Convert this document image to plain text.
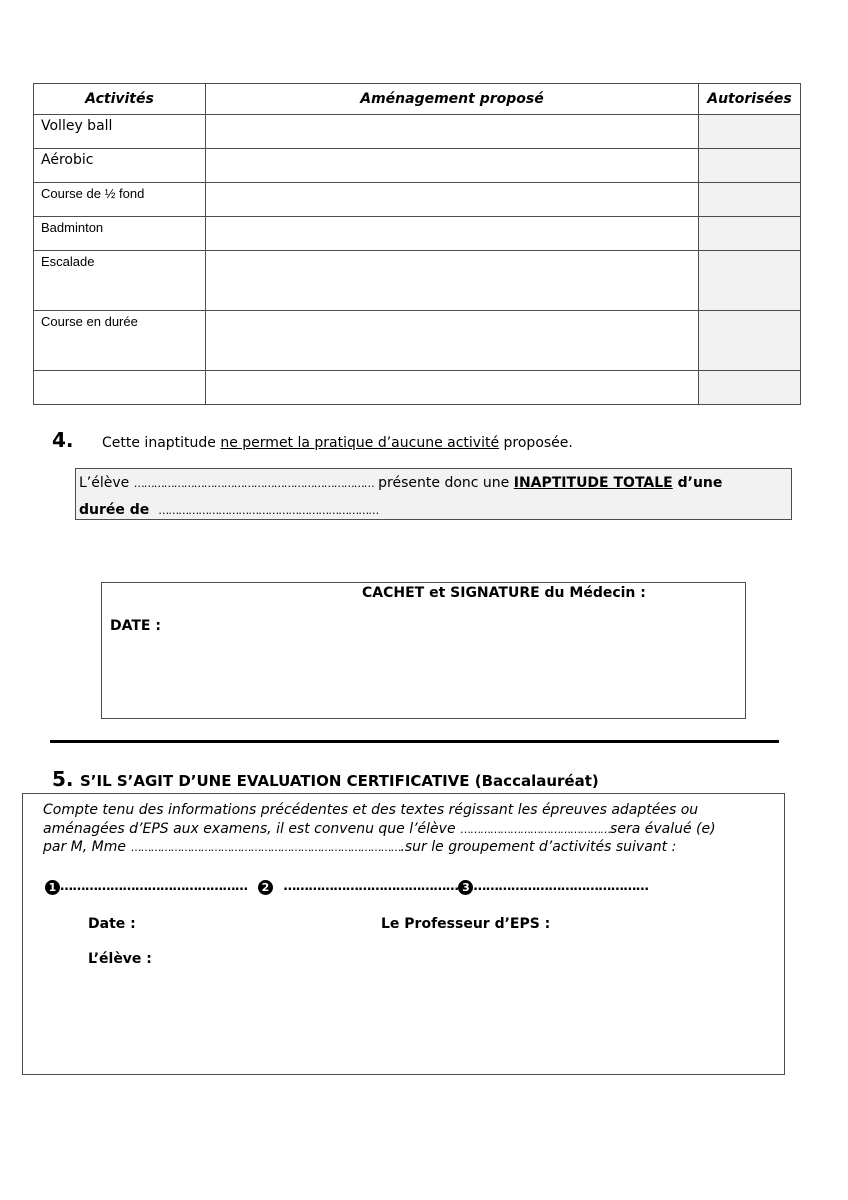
Activités	Aménagement proposé	Autorisées
Volley ball		
Aérobic		
Course de ½ fond		
Badminton		
Escalade		
Course en durée		

4. Cette inaptitude ne permet la pratique d’aucune activité proposée.
L’élève ……………………………………………………………… présente donc une INAPTITUDE TOTALE d’une
durée de …………………………………………………………
CACHET et SIGNATURE du Médecin :
DATE :
5. S’IL S’AGIT D’UNE EVALUATION CERTIFICATIVE (Baccalauréat)
Compte tenu des informations précédentes et des textes régissant les épreuves adaptées ou
aménagées d’EPS aux examens, il est convenu que l’élève ………………………………………sera évalué (e)
par M, Mme ……………………………………………………………………….sur le groupement d’activités suivant :
1 ……………………………………… 2 …………………………………… 3 ……………………………………
Date :	Le Professeur d’EPS :
L’élève :
